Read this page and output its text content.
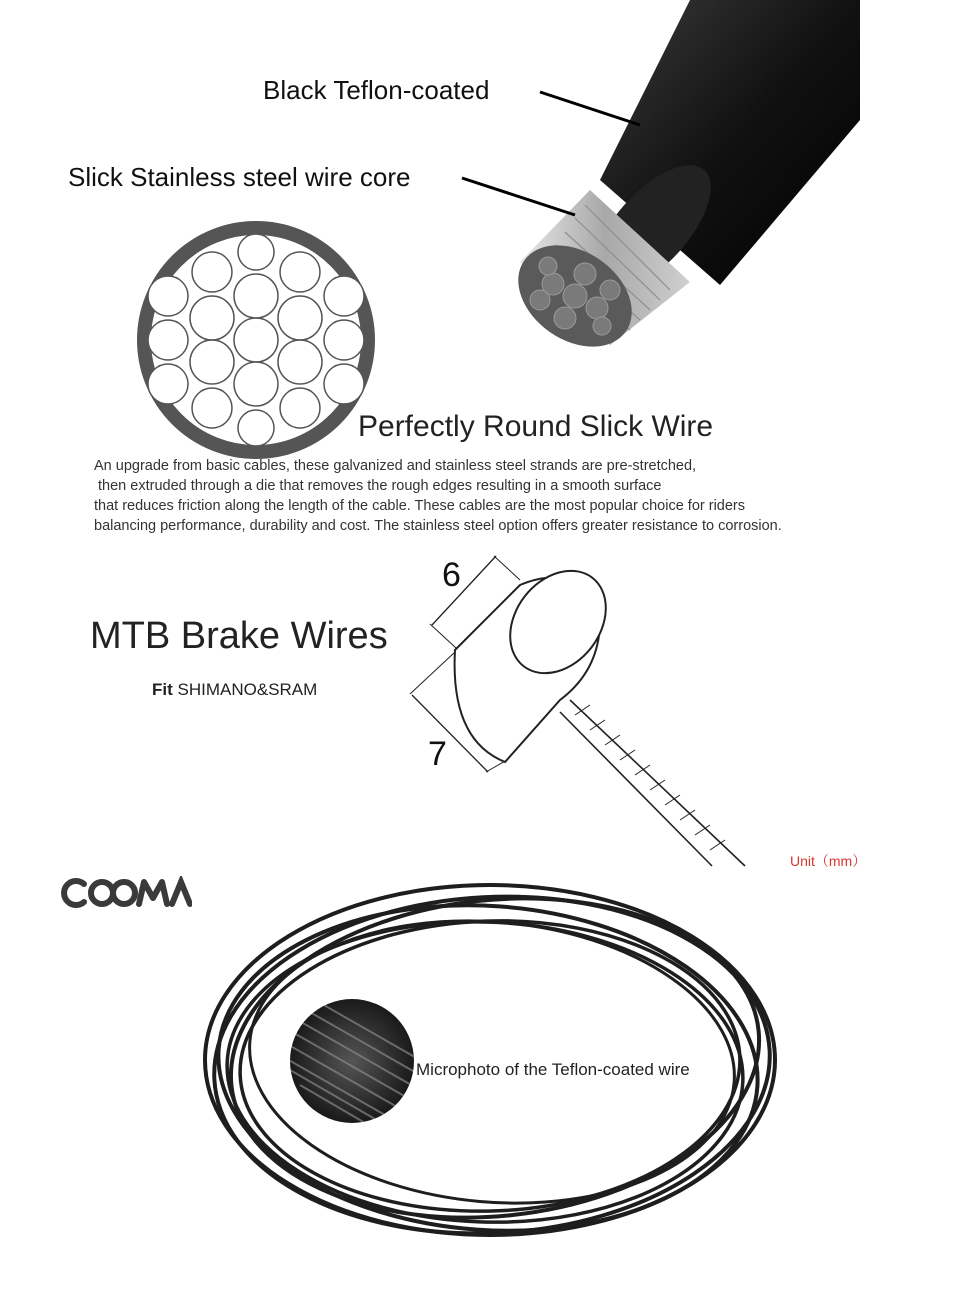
Black Teflon-coated
Slick Stainless steel wire core
Perfectly Round Slick Wire
An upgrade from basic cables, these galvanized and stainless steel strands are pre-stretched,
then extruded through a die that removes the rough edges resulting in a smooth surface
that reduces friction along the length of the cable. These cables are the most popular choice for riders
balancing performance, durability and cost. The stainless steel option offers greater resistance to corrosion.
MTB Brake Wires
Fit SHIMANO&SRAM
6
7
Unit（mm）
Microphoto of the Teflon-coated wire
